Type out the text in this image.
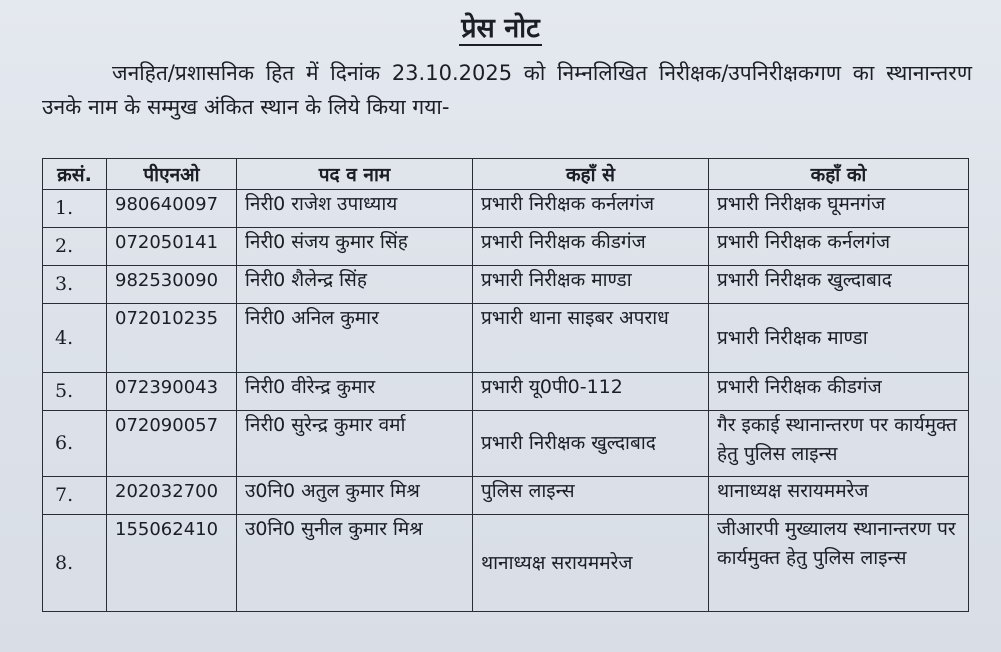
प्रेस नोट
जनहित/प्रशासनिक हित में दिनांक 23.10.2025 को निम्नलिखित निरीक्षक/उपनिरीक्षकगण का स्थानान्तरण उनके नाम के सम्मुख अंकित स्थान के लिये किया गया-
क्रसं.	पीएनओ	पद व नाम	कहाँ से	कहाँ को
1.	980640097	निरी0 राजेश उपाध्याय	प्रभारी निरीक्षक कर्नलगंज	प्रभारी निरीक्षक घूमनगंज
2.	072050141	निरी0 संजय कुमार सिंह	प्रभारी निरीक्षक कीडगंज	प्रभारी निरीक्षक कर्नलगंज
3.	982530090	निरी0 शैलेन्द्र सिंह	प्रभारी निरीक्षक माण्डा	प्रभारी निरीक्षक खुल्दाबाद
4.	072010235	निरी0 अनिल कुमार	प्रभारी थाना साइबर अपराध	प्रभारी निरीक्षक माण्डा
5.	072390043	निरी0 वीरेन्द्र कुमार	प्रभारी यू0पी0-112	प्रभारी निरीक्षक कीडगंज
6.	072090057	निरी0 सुरेन्द्र कुमार वर्मा	प्रभारी निरीक्षक खुल्दाबाद	गैर इकाई स्थानान्तरण पर कार्यमुक्त हेतु पुलिस लाइन्स
7.	202032700	उ0नि0 अतुल कुमार मिश्र	पुलिस लाइन्स	थानाध्यक्ष सरायममरेज
8.	155062410	उ0नि0 सुनील कुमार मिश्र	थानाध्यक्ष सरायममरेज	जीआरपी मुख्यालय स्थानान्तरण पर कार्यमुक्त हेतु पुलिस लाइन्स
